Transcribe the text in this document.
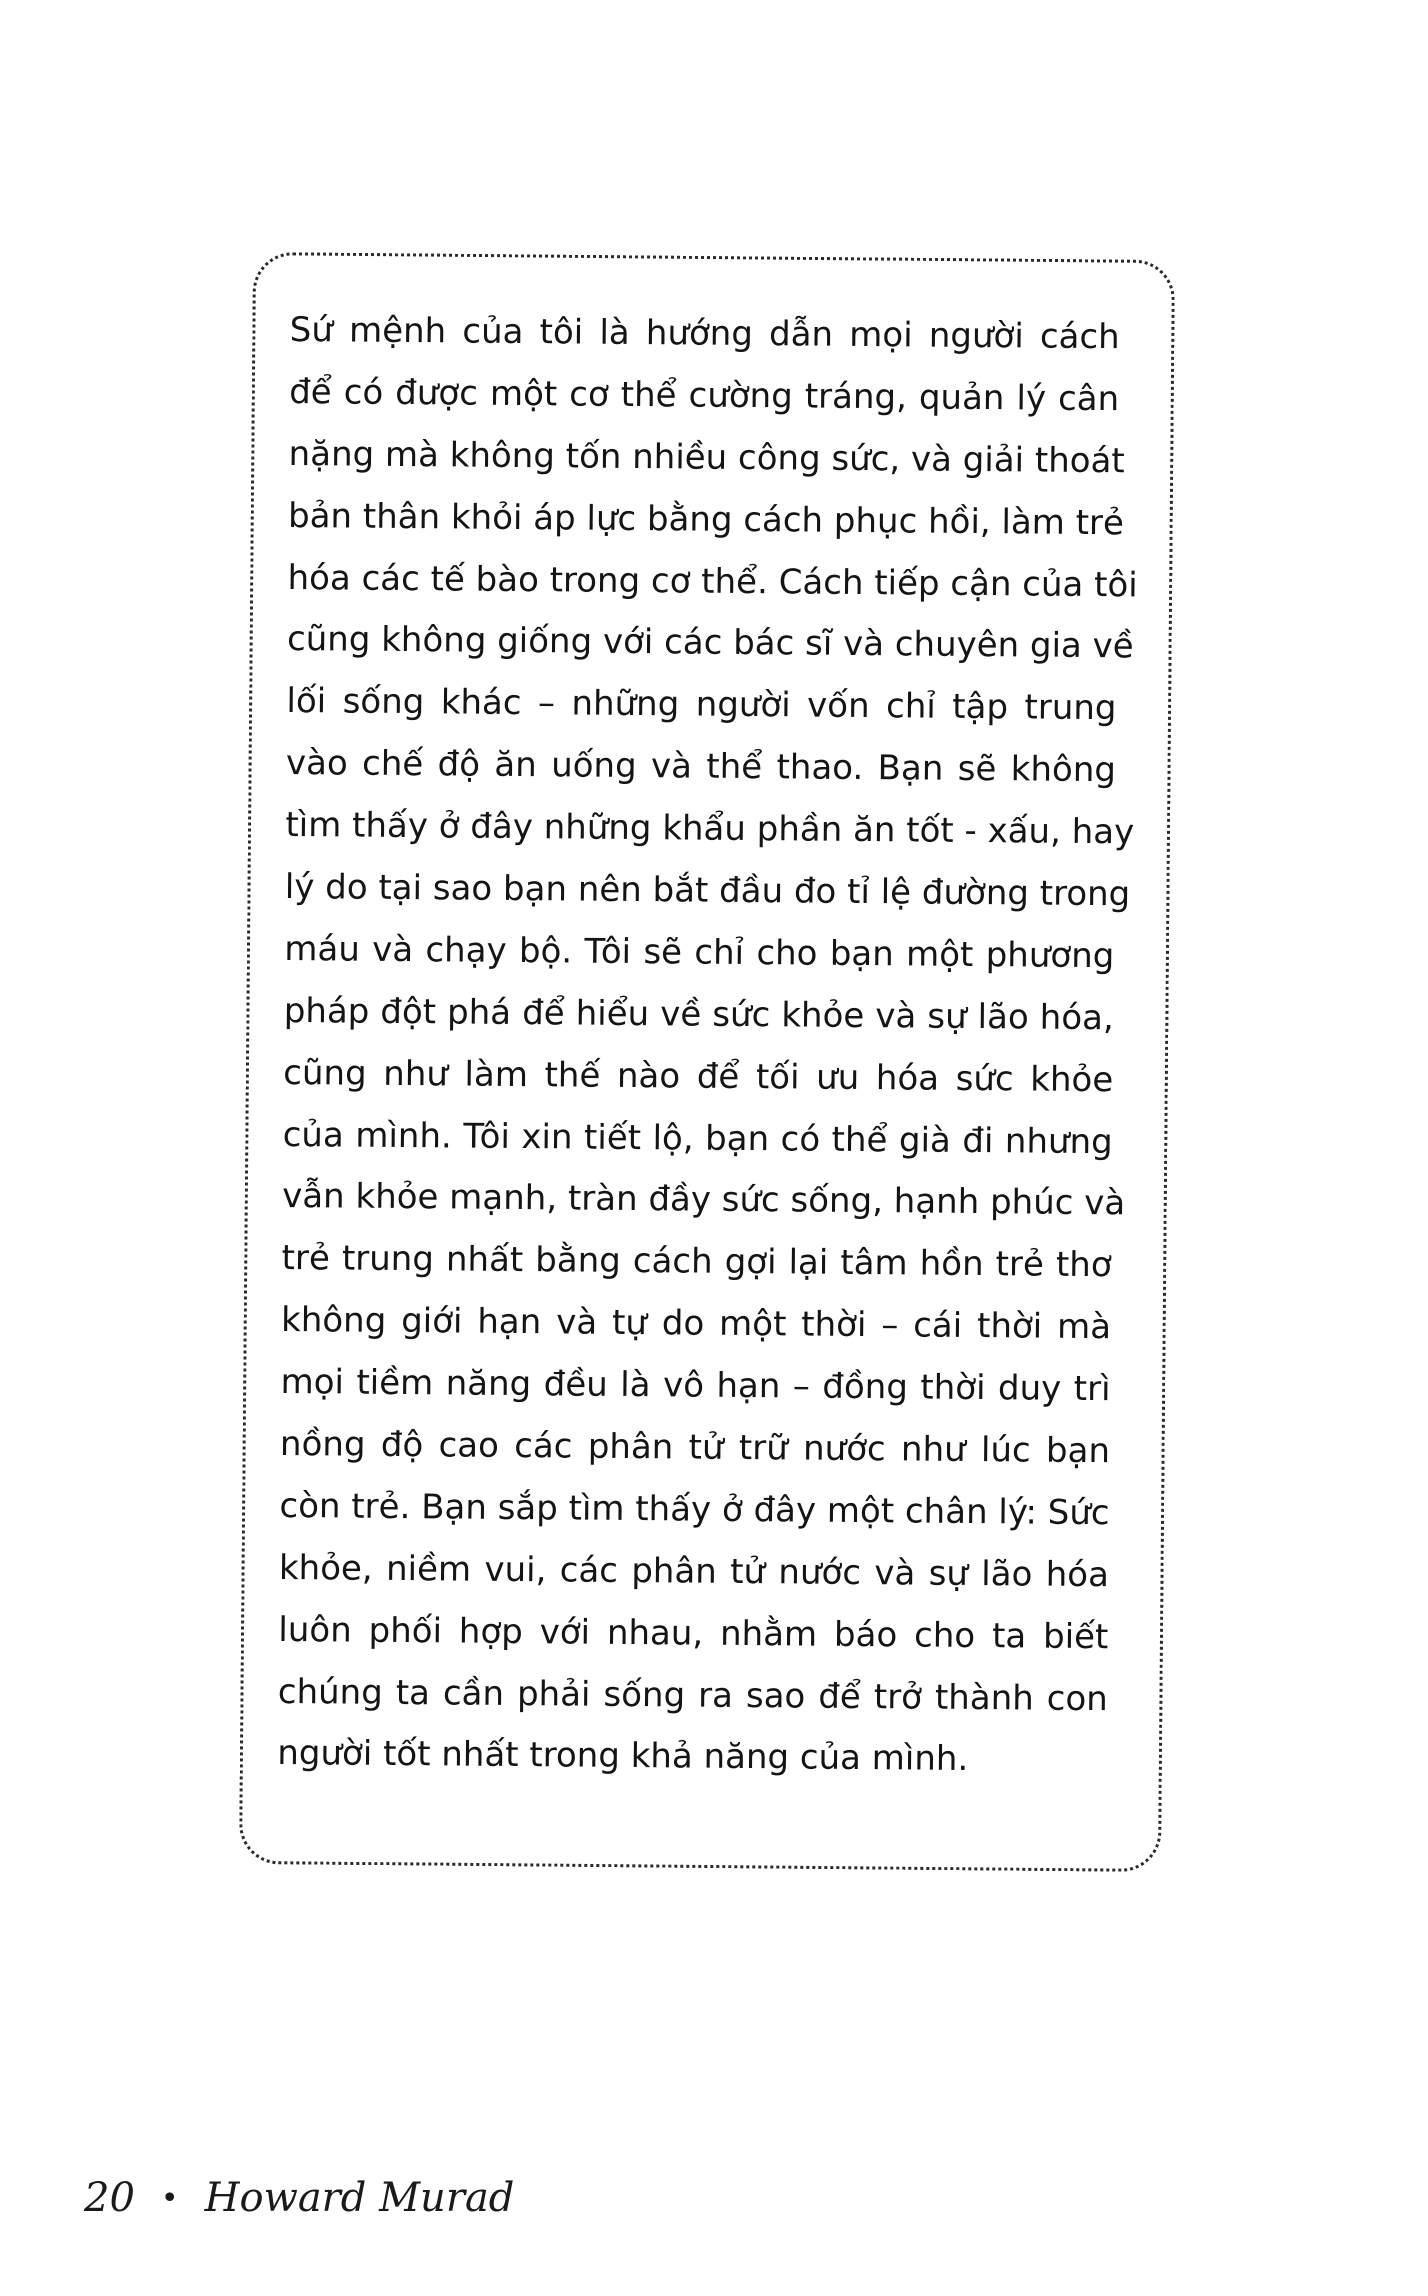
Sứ mệnh của tôi là hướng dẫn mọi người cách
để có được một cơ thể cường tráng, quản lý cân
nặng mà không tốn nhiều công sức, và giải thoát
bản thân khỏi áp lực bằng cách phục hồi, làm trẻ
hóa các tế bào trong cơ thể. Cách tiếp cận của tôi
cũng không giống với các bác sĩ và chuyên gia về
lối sống khác – những người vốn chỉ tập trung
vào chế độ ăn uống và thể thao. Bạn sẽ không
tìm thấy ở đây những khẩu phần ăn tốt - xấu, hay
lý do tại sao bạn nên bắt đầu đo tỉ lệ đường trong
máu và chạy bộ. Tôi sẽ chỉ cho bạn một phương
pháp đột phá để hiểu về sức khỏe và sự lão hóa,
cũng như làm thế nào để tối ưu hóa sức khỏe
của mình. Tôi xin tiết lộ, bạn có thể già đi nhưng
vẫn khỏe mạnh, tràn đầy sức sống, hạnh phúc và
trẻ trung nhất bằng cách gợi lại tâm hồn trẻ thơ
không giới hạn và tự do một thời – cái thời mà
mọi tiềm năng đều là vô hạn – đồng thời duy trì
nồng độ cao các phân tử trữ nước như lúc bạn
còn trẻ. Bạn sắp tìm thấy ở đây một chân lý: Sức
khỏe, niềm vui, các phân tử nước và sự lão hóa
luôn phối hợp với nhau, nhằm báo cho ta biết
chúng ta cần phải sống ra sao để trở thành con
người tốt nhất trong khả năng của mình.
20 • Howard Murad
